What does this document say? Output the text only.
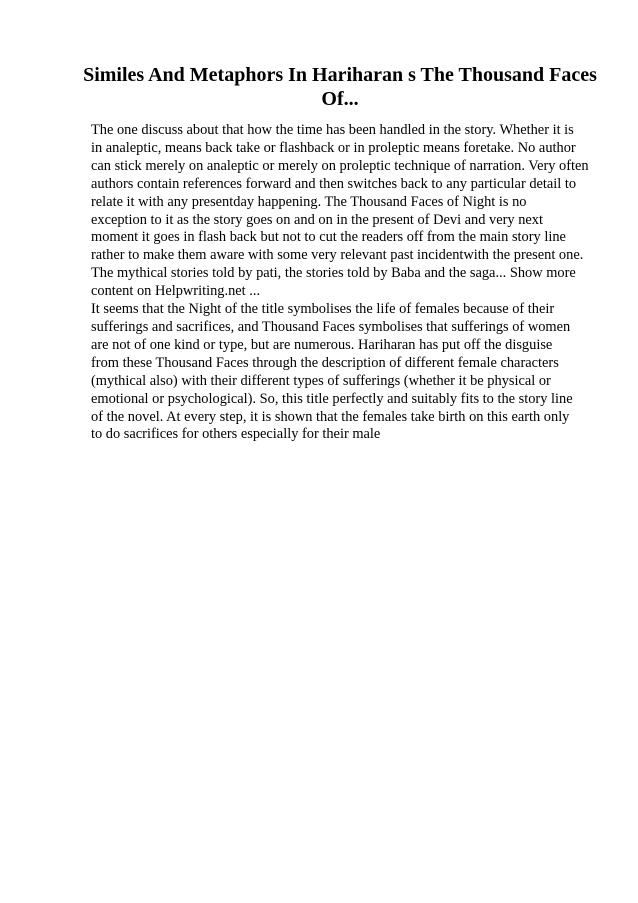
Similes And Metaphors In Hariharan s The Thousand Faces
Of...
The one discuss about that how the time has been handled in the story. Whether it is
in analeptic, means back take or flashback or in proleptic means foretake. No author
can stick merely on analeptic or merely on proleptic technique of narration. Very often
authors contain references forward and then switches back to any particular detail to
relate it with any presentday happening. The Thousand Faces of Night is no
exception to it as the story goes on and on in the present of Devi and very next
moment it goes in flash back but not to cut the readers off from the main story line
rather to make them aware with some very relevant past incidentwith the present one.
The mythical stories told by pati, the stories told by Baba and the saga... Show more
content on Helpwriting.net ...
It seems that the Night of the title symbolises the life of females because of their
sufferings and sacrifices, and Thousand Faces symbolises that sufferings of women
are not of one kind or type, but are numerous. Hariharan has put off the disguise
from these Thousand Faces through the description of different female characters
(mythical also) with their different types of sufferings (whether it be physical or
emotional or psychological). So, this title perfectly and suitably fits to the story line
of the novel. At every step, it is shown that the females take birth on this earth only
to do sacrifices for others especially for their male
